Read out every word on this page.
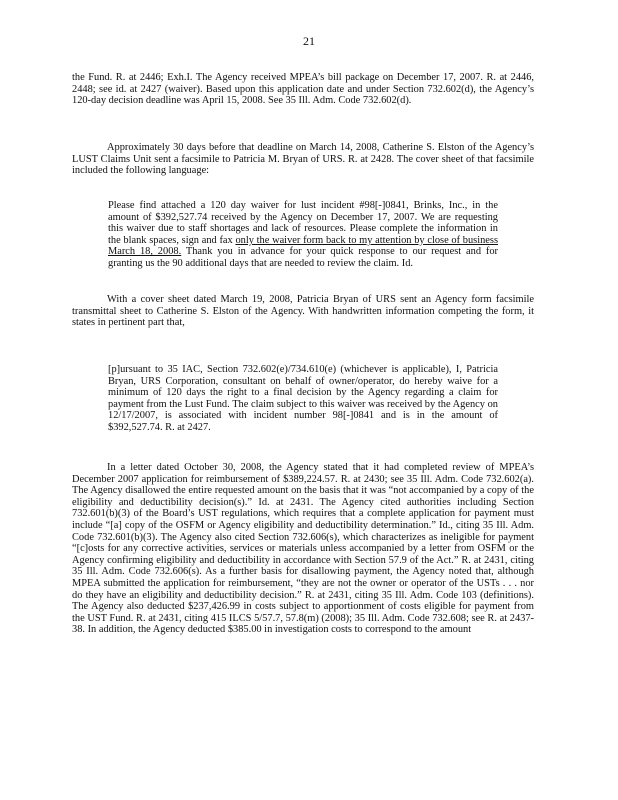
21

the Fund. R. at 2446; Exh.I. The Agency received MPEA’s bill package on December 17, 2007. R. at 2446, 2448; see id. at 2427 (waiver). Based upon this application date and under Section 732.602(d), the Agency’s 120-day decision deadline was April 15, 2008. See 35 Ill. Adm. Code 732.602(d).

Approximately 30 days before that deadline on March 14, 2008, Catherine S. Elston of the Agency’s LUST Claims Unit sent a facsimile to Patricia M. Bryan of URS. R. at 2428. The cover sheet of that facsimile included the following language:

Please find attached a 120 day waiver for lust incident #98[-]0841, Brinks, Inc., in the amount of $392,527.74 received by the Agency on December 17, 2007. We are requesting this waiver due to staff shortages and lack of resources. Please complete the information in the blank spaces, sign and fax only the waiver form back to my attention by close of business March 18, 2008. Thank you in advance for your quick response to our request and for granting us the 90 additional days that are needed to review the claim. Id.

With a cover sheet dated March 19, 2008, Patricia Bryan of URS sent an Agency form facsimile transmittal sheet to Catherine S. Elston of the Agency. With handwritten information competing the form, it states in pertinent part that,

[p]ursuant to 35 IAC, Section 732.602(e)/734.610(e) (whichever is applicable), I, Patricia Bryan, URS Corporation, consultant on behalf of owner/operator, do hereby waive for a minimum of 120 days the right to a final decision by the Agency regarding a claim for payment from the Lust Fund. The claim subject to this waiver was received by the Agency on 12/17/2007, is associated with incident number 98[-]0841 and is in the amount of $392,527.74. R. at 2427.

In a letter dated October 30, 2008, the Agency stated that it had completed review of MPEA’s December 2007 application for reimbursement of $389,224.57. R. at 2430; see 35 Ill. Adm. Code 732.602(a). The Agency disallowed the entire requested amount on the basis that it was “not accompanied by a copy of the eligibility and deductibility decision(s).” Id. at 2431. The Agency cited authorities including Section 732.601(b)(3) of the Board’s UST regulations, which requires that a complete application for payment must include “[a] copy of the OSFM or Agency eligibility and deductibility determination.” Id., citing 35 Ill. Adm. Code 732.601(b)(3). The Agency also cited Section 732.606(s), which characterizes as ineligible for payment “[c]osts for any corrective activities, services or materials unless accompanied by a letter from OSFM or the Agency confirming eligibility and deductibility in accordance with Section 57.9 of the Act.” R. at 2431, citing 35 Ill. Adm. Code 732.606(s). As a further basis for disallowing payment, the Agency noted that, although MPEA submitted the application for reimbursement, “they are not the owner or operator of the USTs . . . nor do they have an eligibility and deductibility decision.” R. at 2431, citing 35 Ill. Adm. Code 103 (definitions). The Agency also deducted $237,426.99 in costs subject to apportionment of costs eligible for payment from the UST Fund. R. at 2431, citing 415 ILCS 5/57.7, 57.8(m) (2008); 35 Ill. Adm. Code 732.608; see R. at 2437-38. In addition, the Agency deducted $385.00 in investigation costs to correspond to the amount
